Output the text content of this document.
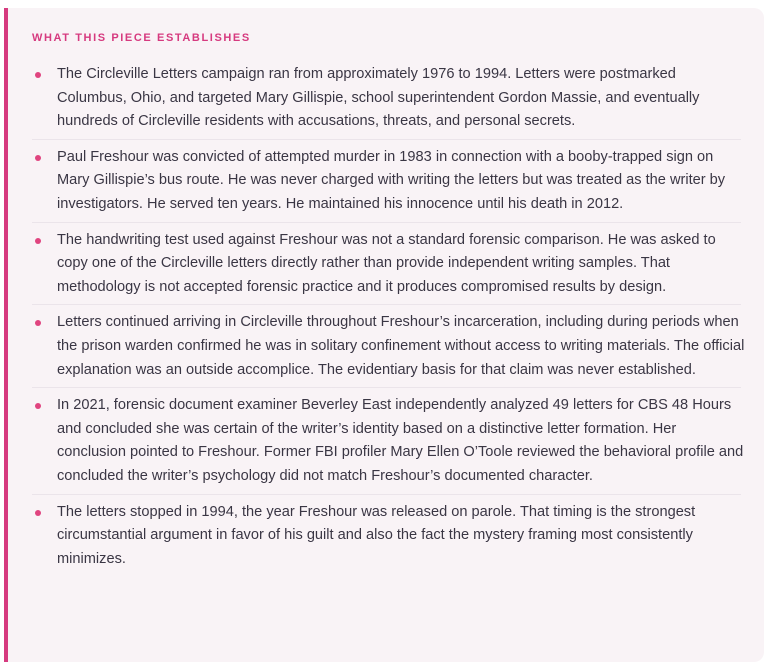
WHAT THIS PIECE ESTABLISHES

The Circleville Letters campaign ran from approximately 1976 to 1994. Letters were postmarked Columbus, Ohio, and targeted Mary Gillispie, school superintendent Gordon Massie, and eventually hundreds of Circleville residents with accusations, threats, and personal secrets.

Paul Freshour was convicted of attempted murder in 1983 in connection with a booby-trapped sign on Mary Gillispie’s bus route. He was never charged with writing the letters but was treated as the writer by investigators. He served ten years. He maintained his innocence until his death in 2012.

The handwriting test used against Freshour was not a standard forensic comparison. He was asked to copy one of the Circleville letters directly rather than provide independent writing samples. That methodology is not accepted forensic practice and it produces compromised results by design.

Letters continued arriving in Circleville throughout Freshour’s incarceration, including during periods when the prison warden confirmed he was in solitary confinement without access to writing materials. The official explanation was an outside accomplice. The evidentiary basis for that claim was never established.

In 2021, forensic document examiner Beverley East independently analyzed 49 letters for CBS 48 Hours and concluded she was certain of the writer’s identity based on a distinctive letter formation. Her conclusion pointed to Freshour. Former FBI profiler Mary Ellen O’Toole reviewed the behavioral profile and concluded the writer’s psychology did not match Freshour’s documented character.

The letters stopped in 1994, the year Freshour was released on parole. That timing is the strongest circumstantial argument in favor of his guilt and also the fact the mystery framing most consistently minimizes.
